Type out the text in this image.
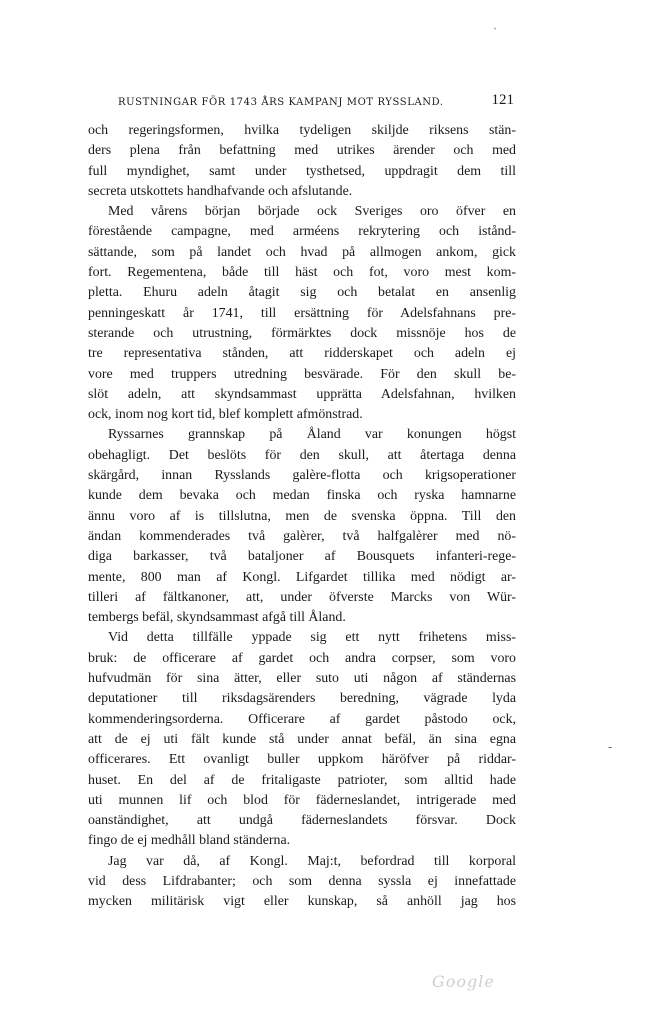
ˋ
-
RUSTNINGAR FÖR 1743 ÅRS KAMPANJ MOT RYSSLAND.	121
och regeringsformen, hvilka tydeligen skiljde riksens stän-
ders plena från befattning med utrikes ärender och med
full myndighet, samt under tysthetsed, uppdragit dem till
secreta utskottets handhafvande och afslutande.
Med vårens början började ock Sveriges oro öfver en
förestående campagne, med arméens rekrytering och istånd-
sättande, som på landet och hvad på allmogen ankom, gick
fort. Regementena, både till häst och fot, voro mest kom-
pletta. Ehuru adeln åtagit sig och betalat en ansenlig
penningeskatt år 1741, till ersättning för Adelsfahnans pre-
sterande och utrustning, förmärktes dock missnöje hos de
tre representativa stånden, att ridderskapet och adeln ej
vore med truppers utredning besvärade. För den skull be-
slöt adeln, att skyndsammast upprätta Adelsfahnan, hvilken
ock, inom nog kort tid, blef komplett afmönstrad.
Ryssarnes grannskap på Åland var konungen högst
obehagligt. Det beslöts för den skull, att återtaga denna
skärgård, innan Rysslands galère-flotta och krigsoperationer
kunde dem bevaka och medan finska och ryska hamnarne
ännu voro af is tillslutna, men de svenska öppna. Till den
ändan kommenderades två galèrer, två halfgalèrer med nö-
diga barkasser, två bataljoner af Bousquets infanteri-rege-
mente, 800 man af Kongl. Lifgardet tillika med nödigt ar-
tilleri af fältkanoner, att, under öfverste Marcks von Wür-
tembergs befäl, skyndsammast afgå till Åland.
Vid detta tillfälle yppade sig ett nytt frihetens miss-
bruk: de officerare af gardet och andra corpser, som voro
hufvudmän för sina ätter, eller suto uti någon af ständernas
deputationer till riksdagsärenders beredning, vägrade lyda
kommenderingsorderna. Officerare af gardet påstodo ock,
att de ej uti fält kunde stå under annat befäl, än sina egna
officerares. Ett ovanligt buller uppkom häröfver på riddar-
huset. En del af de fritaligaste patrioter, som alltid hade
uti munnen lif och blod för fäderneslandet, intrigerade med
oanständighet, att undgå fäderneslandets försvar. Dock
fingo de ej medhåll bland ständerna.
Jag var då, af Kongl. Maj:t, befordrad till korporal
vid dess Lifdrabanter; och som denna syssla ej innefattade
mycken militärisk vigt eller kunskap, så anhöll jag hos
Google
